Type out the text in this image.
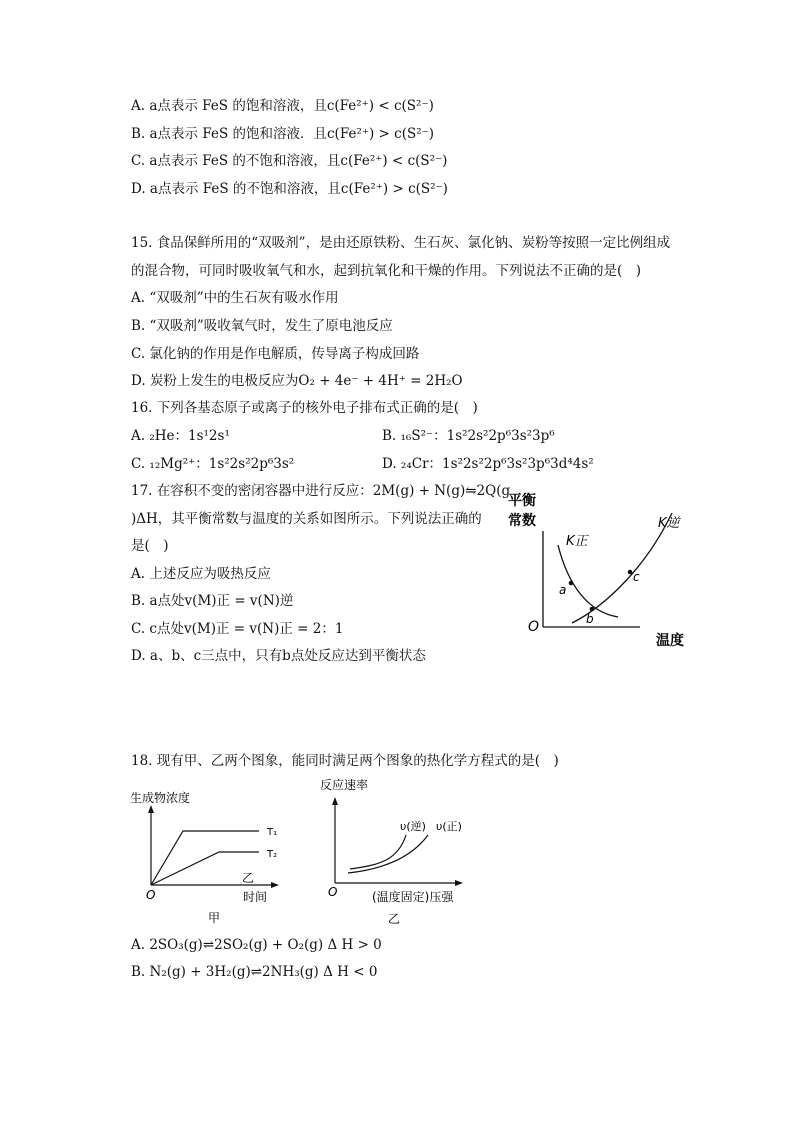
A. a点表示 FeS 的饱和溶液，且c(Fe²⁺) < c(S²⁻)
B. a点表示 FeS 的饱和溶液．且c(Fe²⁺) > c(S²⁻)
C. a点表示 FeS 的不饱和溶液，且c(Fe²⁺) < c(S²⁻)
D. a点表示 FeS 的不饱和溶液，且c(Fe²⁺) > c(S²⁻)
15. 食品保鲜所用的“双吸剂”，是由还原铁粉、生石灰、氯化钠、炭粉等按照一定比例组成
的混合物，可同时吸收氧气和水，起到抗氧化和干燥的作用。下列说法不正确的是(　)
A. “双吸剂”中的生石灰有吸水作用
B. “双吸剂”吸收氧气时，发生了原电池反应
C. 氯化钠的作用是作电解质，传导离子构成回路
D. 炭粉上发生的电极反应为O₂ + 4e⁻ + 4H⁺ = 2H₂O
16. 下列各基态原子或离子的核外电子排布式正确的是(　)
A. ₂He：1s¹2s¹	B. ₁₆S²⁻：1s²2s²2p⁶3s²3p⁶
C. ₁₂Mg²⁺：1s²2s²2p⁶3s²	D. ₂₄Cr：1s²2s²2p⁶3s²3p⁶3d⁴4s²
17. 在容积不变的密闭容器中进行反应：2M(g) + N(g)⇋2Q(g
)ΔH，其平衡常数与温度的关系如图所示。下列说法正确的
是(　)
A. 上述反应为吸热反应
B. a点处v(M)正 = v(N)逆
C. c点处v(M)正 = v(N)正 = 2：1
D. a、b、c三点中，只有b点处反应达到平衡状态
平衡
常数
O
温度
K正
K逆
a
b
c
18. 现有甲、乙两个图象，能同时满足两个图象的热化学方程式的是(　)
生成物浓度
T₁
T₂
乙
O	时间
甲
反应速率
υ(逆) υ(正)
O	(温度固定)压强
乙
A. 2SO₃(g)⇌2SO₂(g) + O₂(g) Δ H > 0
B. N₂(g) + 3H₂(g)⇌2NH₃(g) Δ H < 0
